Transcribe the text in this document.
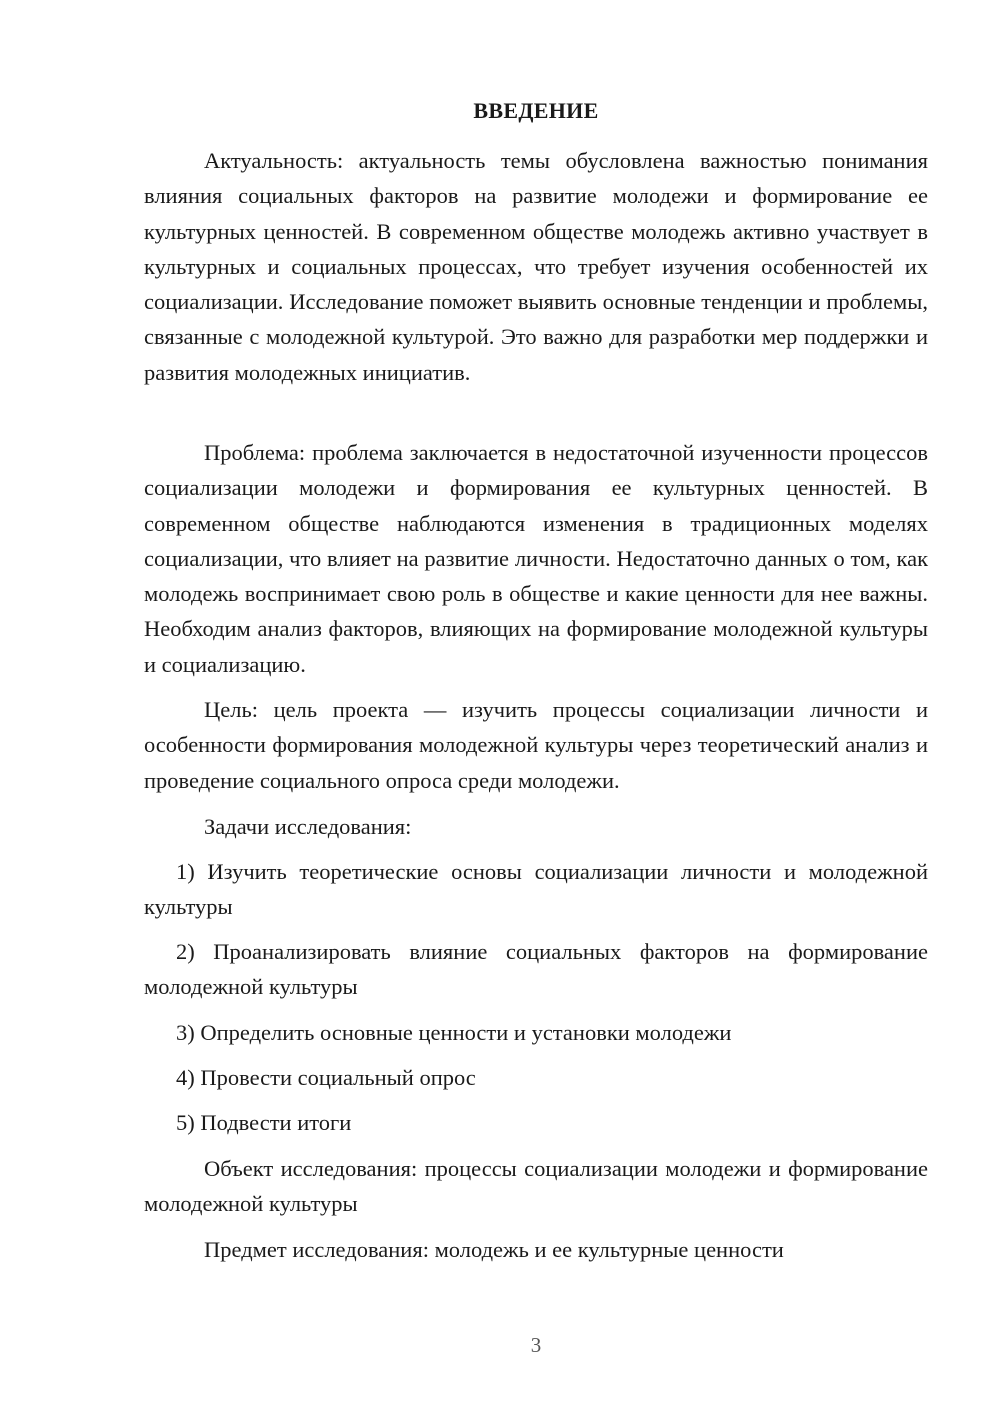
ВВЕДЕНИЕ

Актуальность: актуальность темы обусловлена важностью понимания влияния социальных факторов на развитие молодежи и формирование ее культурных ценностей. В современном обществе молодежь активно участвует в культурных и социальных процессах, что требует изучения особенностей их социализации. Исследование поможет выявить основные тенденции и проблемы, связанные с молодежной культурой. Это важно для разработки мер поддержки и развития молодежных инициатив.

Проблема: проблема заключается в недостаточной изученности процессов социализации молодежи и формирования ее культурных ценностей. В современном обществе наблюдаются изменения в традиционных моделях социализации, что влияет на развитие личности. Недостаточно данных о том, как молодежь воспринимает свою роль в обществе и какие ценности для нее важны. Необходим анализ факторов, влияющих на формирование молодежной культуры и социализацию.

Цель: цель проекта — изучить процессы социализации личности и особенности формирования молодежной культуры через теоретический анализ и проведение социального опроса среди молодежи.

Задачи исследования:

1) Изучить теоретические основы социализации личности и молодежной культуры

2) Проанализировать влияние социальных факторов на формирование молодежной культуры

3) Определить основные ценности и установки молодежи

4) Провести социальный опрос

5) Подвести итоги

Объект исследования: процессы социализации молодежи и формирование молодежной культуры

Предмет исследования: молодежь и ее культурные ценности

3
